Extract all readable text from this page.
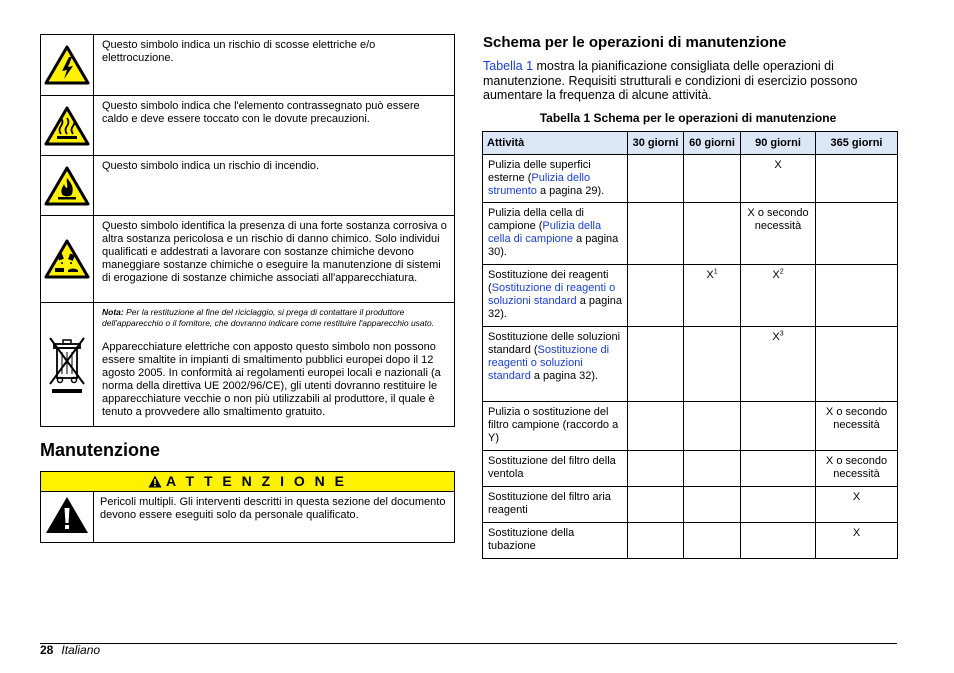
	Questo simbolo indica un rischio di scosse elettriche e/o elettrocuzione.

	Questo simbolo indica che l'elemento contrassegnato può essere caldo e deve essere toccato con le dovute precauzioni.

	Questo simbolo indica un rischio di incendio.

	Questo simbolo identifica la presenza di una forte sostanza corrosiva o altra sostanza pericolosa e un rischio di danno chimico. Solo individui qualificati e addestrati a lavorare con sostanze chimiche devono maneggiare sostanze chimiche o eseguire la manutenzione di sistemi di erogazione di sostanze chimiche associati all'apparecchiatura.

Nota: Per la restituzione al fine del riciclaggio, si prega di contattare il produttore dell'apparecchio o il fornitore, che dovranno indicare come restituire l'apparecchio usato.

Apparecchiature elettriche con apposto questo simbolo non possono essere smaltite in impianti di smaltimento pubblici europei dopo il 12 agosto 2005. In conformità ai regolamenti europei locali e nazionali (a norma della direttiva UE 2002/96/CE), gli utenti dovranno restituire le apparecchiature vecchie o non più utilizzabili al produttore, il quale è tenuto a provvedere allo smaltimento gratuito.

Manutenzione
A T T E N Z I O N E
	Pericoli multipli. Gli interventi descritti in questa sezione del documento devono essere eseguiti solo da personale qualificato.
Schema per le operazioni di manutenzione

Tabella 1 mostra la pianificazione consigliata delle operazioni di manutenzione. Requisiti strutturali e condizioni di esercizio possono aumentare la frequenza di alcune attività.

Tabella 1 Schema per le operazioni di manutenzione

Attività	30 giorni	60 giorni	90 giorni	365 giorni
Pulizia delle superfici esterne (Pulizia dello strumento a pagina 29).			X	
Pulizia della cella di campione (Pulizia della cella di campione a pagina 30).			X o secondo necessità	
Sostituzione dei reagenti (Sostituzione di reagenti o soluzioni standard a pagina 32).		$X^1$	$X^2$	
Sostituzione delle soluzioni standard (Sostituzione di reagenti o soluzioni standard a pagina 32).			$X^3$	
Pulizia o sostituzione del filtro campione (raccordo a Y)				X o secondo necessità
Sostituzione del filtro della ventola				X o secondo necessità
Sostituzione del filtro aria reagenti				X
Sostituzione della tubazione				X
28 Italiano
